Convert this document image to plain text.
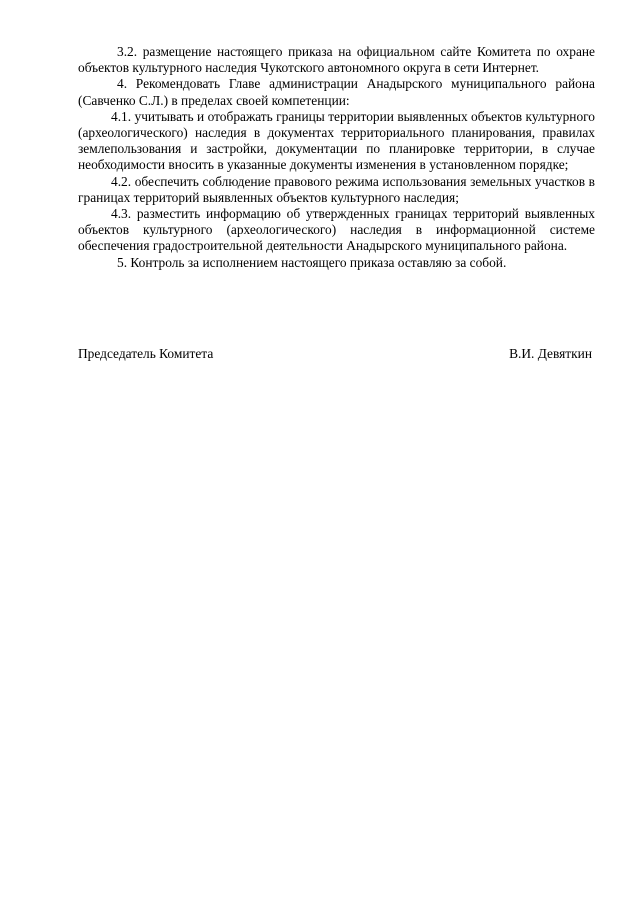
3.2. размещение настоящего приказа на официальном сайте Комитета по охране объектов культурного наследия Чукотского автономного округа в сети Интернет.

4. Рекомендовать Главе администрации Анадырского муниципального района (Савченко С.Л.) в пределах своей компетенции:

4.1. учитывать и отображать границы территории выявленных объектов культурного (археологического) наследия в документах территориального планирования, правилах землепользования и застройки, документации по планировке территории, в случае необходимости вносить в указанные документы изменения в установленном порядке;

4.2. обеспечить соблюдение правового режима использования земельных участков в границах территорий выявленных объектов культурного наследия;

4.3. разместить информацию об утвержденных границах территорий выявленных объектов культурного (археологического) наследия в информационной системе обеспечения градостроительной деятельности Анадырского муниципального района.

5. Контроль за исполнением настоящего приказа оставляю за собой.

Председатель Комитета	В.И. Девяткин
